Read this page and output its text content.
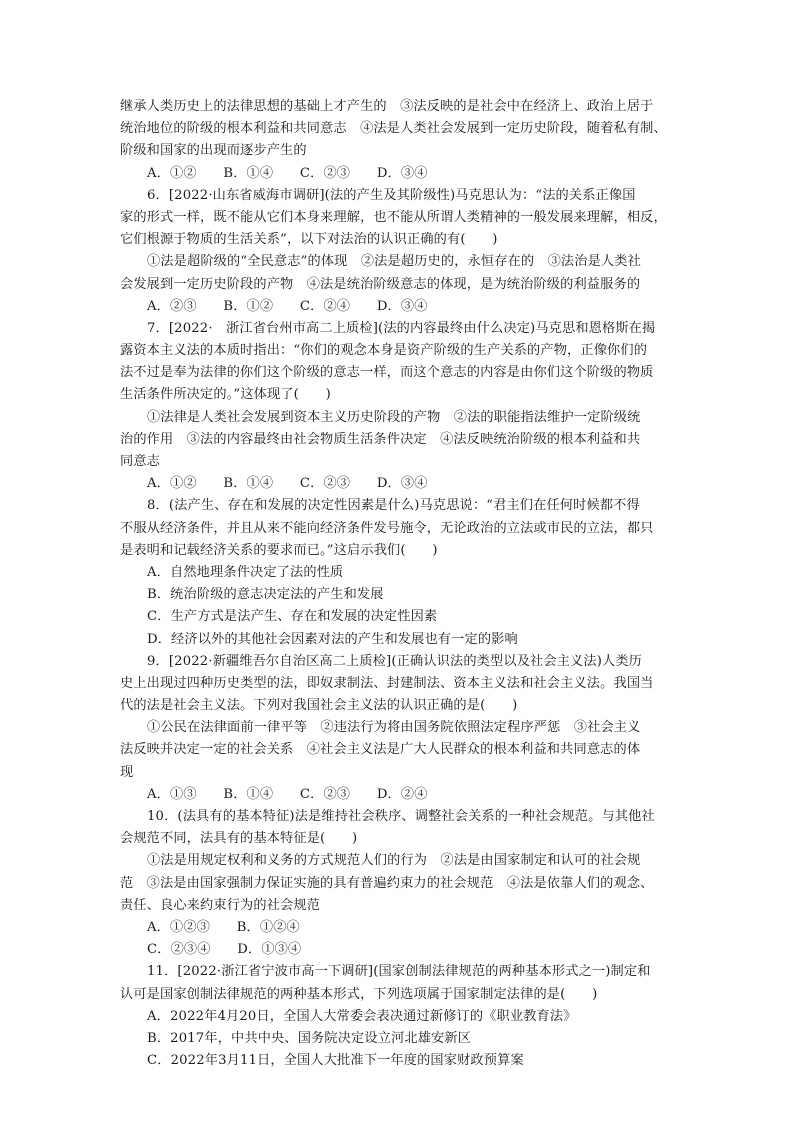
继承人类历史上的法律思想的基础上才产生的　③法反映的是社会中在经济上、政治上居于
统治地位的阶级的根本利益和共同意志　④法是人类社会发展到一定历史阶段，随着私有制、
阶级和国家的出现而逐步产生的
A．①②　　B．①④　　C．②③　　D．③④
6．[2022·山东省威海市调研](法的产生及其阶级性)马克思认为：“法的关系正像国
家的形式一样，既不能从它们本身来理解，也不能从所谓人类精神的一般发展来理解，相反，
它们根源于物质的生活关系”，以下对法治的认识正确的有(　　)
①法是超阶级的“全民意志”的体现　②法是超历史的，永恒存在的　③法治是人类社
会发展到一定历史阶段的产物　④法是统治阶级意志的体现，是为统治阶级的利益服务的
A．②③　　B．①②　　C．②④　　D．③④
7．[2022·　浙江省台州市高二上质检](法的内容最终由什么决定)马克思和恩格斯在揭
露资本主义法的本质时指出：“你们的观念本身是资产阶级的生产关系的产物，正像你们的
法不过是奉为法律的你们这个阶级的意志一样，而这个意志的内容是由你们这个阶级的物质
生活条件所决定的。”这体现了(　　)
①法律是人类社会发展到资本主义历史阶段的产物　②法的职能指法维护一定阶级统
治的作用　③法的内容最终由社会物质生活条件决定　④法反映统治阶级的根本利益和共
同意志
A．①②　　B．①④　　C．②③　　D．③④
8．(法产生、存在和发展的决定性因素是什么)马克思说：“君主们在任何时候都不得
不服从经济条件，并且从来不能向经济条件发号施令，无论政治的立法或市民的立法，都只
是表明和记载经济关系的要求而已。”这启示我们(　　)
A．自然地理条件决定了法的性质
B．统治阶级的意志决定法的产生和发展
C．生产方式是法产生、存在和发展的决定性因素
D．经济以外的其他社会因素对法的产生和发展也有一定的影响
9．[2022·新疆维吾尔自治区高二上质检](正确认识法的类型以及社会主义法)人类历
史上出现过四种历史类型的法，即奴隶制法、封建制法、资本主义法和社会主义法。我国当
代的法是社会主义法。下列对我国社会主义法的认识正确的是(　　)
①公民在法律面前一律平等　②违法行为将由国务院依照法定程序严惩　③社会主义
法反映并决定一定的社会关系　④社会主义法是广大人民群众的根本利益和共同意志的体
现
A．①③　　B．①④　　C．②③　　D．②④
10．(法具有的基本特征)法是维持社会秩序、调整社会关系的一种社会规范。与其他社
会规范不同，法具有的基本特征是(　　)
①法是用规定权利和义务的方式规范人们的行为　②法是由国家制定和认可的社会规
范　③法是由国家强制力保证实施的具有普遍约束力的社会规范　④法是依靠人们的观念、
责任、良心来约束行为的社会规范
A．①②③　　B．①②④
C．②③④　　D．①③④
11．[2022·浙江省宁波市高一下调研](国家创制法律规范的两种基本形式之一)制定和
认可是国家创制法律规范的两种基本形式，下列选项属于国家制定法律的是(　　)
A．2022年4月20日，全国人大常委会表决通过新修订的《职业教育法》
B．2017年，中共中央、国务院决定设立河北雄安新区
C．2022年3月11日，全国人大批准下一年度的国家财政预算案
